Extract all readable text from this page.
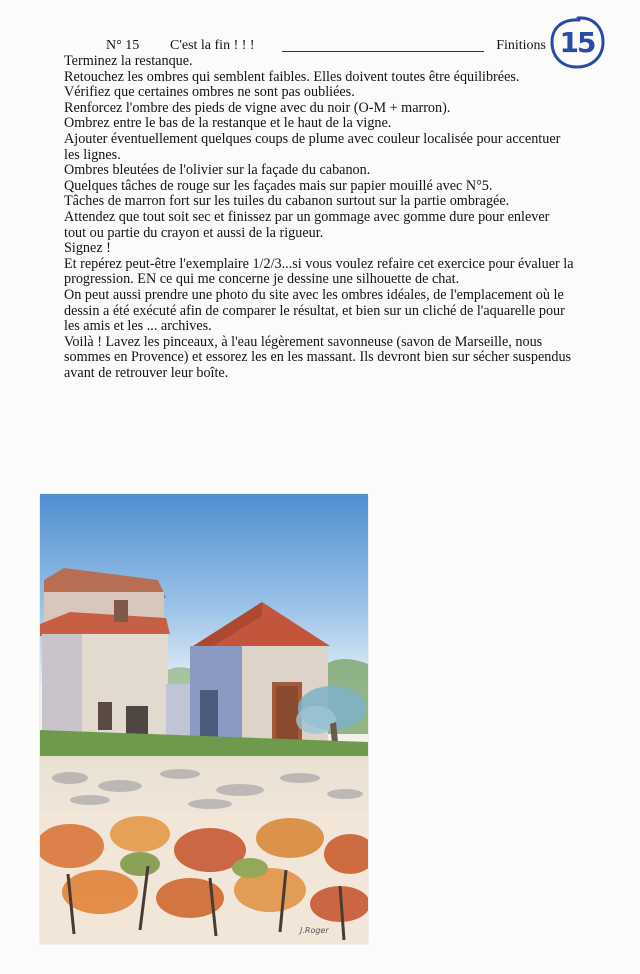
N° 15 C'est la fin ! ! !	Finitions 15

Terminez la restanque.

Retouchez les ombres qui semblent faibles. Elles doivent toutes être équilibrées.

Vérifiez que certaines ombres ne sont pas oubliées.

Renforcez l'ombre des pieds de vigne avec du noir (O-M + marron).

Ombrez entre le bas de la restanque et le haut de la vigne.

Ajouter éventuellement quelques coups de plume avec couleur localisée pour accentuer les lignes.

Ombres bleutées de l'olivier sur la façade du cabanon.

Quelques tâches de rouge sur les façades mais sur papier mouillé avec N°5.

Tâches de marron fort sur les tuiles du cabanon surtout sur la partie ombragée.

Attendez que tout soit sec et finissez par un gommage avec gomme dure pour enlever tout ou partie du crayon et aussi de la rigueur.

Signez !

Et repérez peut-être l'exemplaire 1/2/3...si vous voulez refaire cet exercice pour évaluer la progression. EN ce qui me concerne je dessine une silhouette de chat.

On peut aussi prendre une photo du site avec les ombres idéales, de l'emplacement où le dessin a été exécuté afin de comparer le résultat, et bien sur un cliché de l'aquarelle pour les amis et les ... archives.

Voilà ! Lavez les pinceaux, à l'eau légèrement savonneuse (savon de Marseille, nous sommes en Provence) et essorez les en les massant. Ils devront bien sur sécher suspendus avant de retrouver leur boîte.

J.Roger
